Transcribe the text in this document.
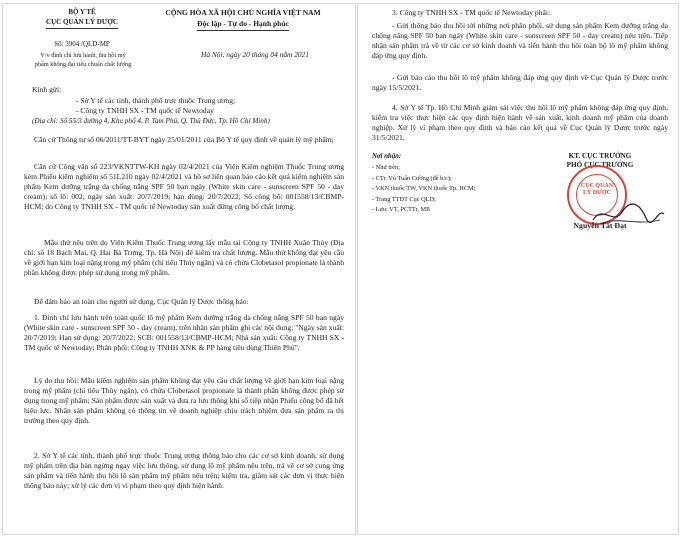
BỘ Y TẾ
CỤC QUẢN LÝ DƯỢC
Số: 3904 /QLD-MP
V/v đình chỉ lưu hành, thu hồi mỹ
phẩm không đạt tiêu chuẩn chất lượng
CỘNG HÒA XÃ HỘI CHỦ NGHĨA VIỆT NAM
Độc lập - Tự do - Hạnh phúc
Hà Nội, ngày 20 tháng 04 năm 2021
Kính gửi:
- Sở Y tế các tỉnh, thành phố trực thuộc Trung ương;
- Công ty TNHH SX - TM quốc tế Newtoday
(Địa chỉ: Số 55/3 đường 4, Khu phố 4, P. Tam Phú, Q. Thủ Đức, Tp. Hồ Chí Minh)
Căn cứ Thông tư số 06/2011/TT-BYT ngày 25/01/2011 của Bộ Y tế quy định về quản lý mỹ phẩm;
Căn cứ Công văn số 223/VKNTTW-KH ngày 02/4/2021 của Viện Kiểm nghiệm Thuốc Trung ương kèm Phiếu kiểm nghiệm số 51L210 ngày 02/4/2021 và hồ sơ liên quan báo cáo kết quả kiểm nghiệm sản phẩm Kem dưỡng trắng da chống nắng SPF 50 ban ngày (White skin care - sunscreen SPF 50 - day cream); số lô: 002; ngày sản xuất: 20/7/2019; hạn dùng: 20/7/2022; Số công bố: 001558/13/CBMP-HCM; do Công ty TNHH SX - TM quốc tế Newtoday sản xuất đứng công bố chất lượng.
Mẫu thử nêu trên do Viện Kiểm Thuốc Trung ương lấy mẫu tại Công ty TNHH Xuân Thủy (Địa chỉ: số 18 Bạch Mai, Q. Hai Bà Trưng, Tp. Hà Nội) để kiểm tra chất lượng. Mẫu thử không đạt yêu cầu về giới hạn kim loại nặng trong mỹ phẩm (chỉ tiêu Thủy ngân) và có chứa Clobetasol propionate là thành phần không được phép sử dụng trong mỹ phẩm.
Để đảm bảo an toàn cho người sử dụng, Cục Quản lý Dược thông báo:
1. Đình chỉ lưu hành trên toàn quốc lô mỹ phẩm Kem dưỡng trắng da chống nắng SPF 50 ban ngày (White skin care - sunscreen SPF 50 - day cream), trên nhãn sản phẩm ghi các nội dung: "Ngày sản xuất: 20/7/2019; Hạn sử dụng: 20/7/2022; SCB: 001558/13/CBMP-HCM; Nhà sản xuất: Công ty TNHH SX - TM quốc tế Newtoday; Phân phối: Công ty TNHH XNK & PP hàng tiêu dùng Thiên Phú".
Lý do thu hồi: Mẫu kiểm nghiệm sản phẩm không đạt yêu cầu chất lượng về giới hạn kim loại nặng trong mỹ phẩm (chỉ tiêu Thủy ngân), có chứa Clobetasol propionate là thành phần không được phép sử dụng trong mỹ phẩm; Sản phẩm được sản xuất và đưa ra lưu thông khi số tiếp nhận Phiếu công bố đã hết hiệu lực. Nhãn sản phẩm không có thông tin về doanh nghiệp chịu trách nhiệm đưa sản phẩm ra thị trường theo quy định.
2. Sở Y tế các tỉnh, thành phố trực thuộc Trung ương thông báo cho các cơ sở kinh doanh, sử dụng mỹ phẩm trên địa bàn ngừng ngay việc lưu thông, sử dụng lô mỹ phẩm nêu trên, trả về cơ sở cung ứng sản phẩm và tiến hành thu hồi lô sản phẩm mỹ phẩm nêu trên; kiểm tra, giám sát các đơn vị thực hiện thông báo này; xử lý các đơn vị vi phạm theo quy định hiện hành.
3. Công ty TNHH SX - TM quốc tế Newtoday phải:
- Gửi thông báo thu hồi tới những nơi phân phối, sử dụng sản phẩm Kem dưỡng trắng da chống nắng SPF 50 ban ngày (White skin care - sunscreen SPF 50 - day cream) nêu trên. Tiếp nhận sản phẩm trả về từ các cơ sở kinh doanh và tiến hành thu hồi toàn bộ lô mỹ phẩm không đáp ứng quy định.
- Gửi báo cáo thu hồi lô mỹ phẩm không đáp ứng quy định về Cục Quản lý Dược trước ngày 15/5/2021.
4. Sở Y tế Tp. Hồ Chí Minh giám sát việc thu hồi lô mỹ phẩm không đáp ứng quy định, kiểm tra việc thực hiện các quy định hiện hành về sản xuất, kinh doanh mỹ phẩm của doanh nghiệp. Xử lý vi phạm theo quy định và báo cáo kết quả về Cục Quản lý Dược trước ngày 31/5/2021.
Nơi nhận:
- Như trên;
- CTr. Vũ Tuấn Cường (để b/c);
- VKN thuốc TW, VKN thuốc Tp. HCM;
- Trang TTĐT Cục QLD;
- Lưu: VT, PCTTr, MP.
KT. CỤC TRƯỞNG
PHÓ CỤC TRƯỞNG
CỤC QUẢN LÝ DƯỢC
Nguyễn Tất Đạt
